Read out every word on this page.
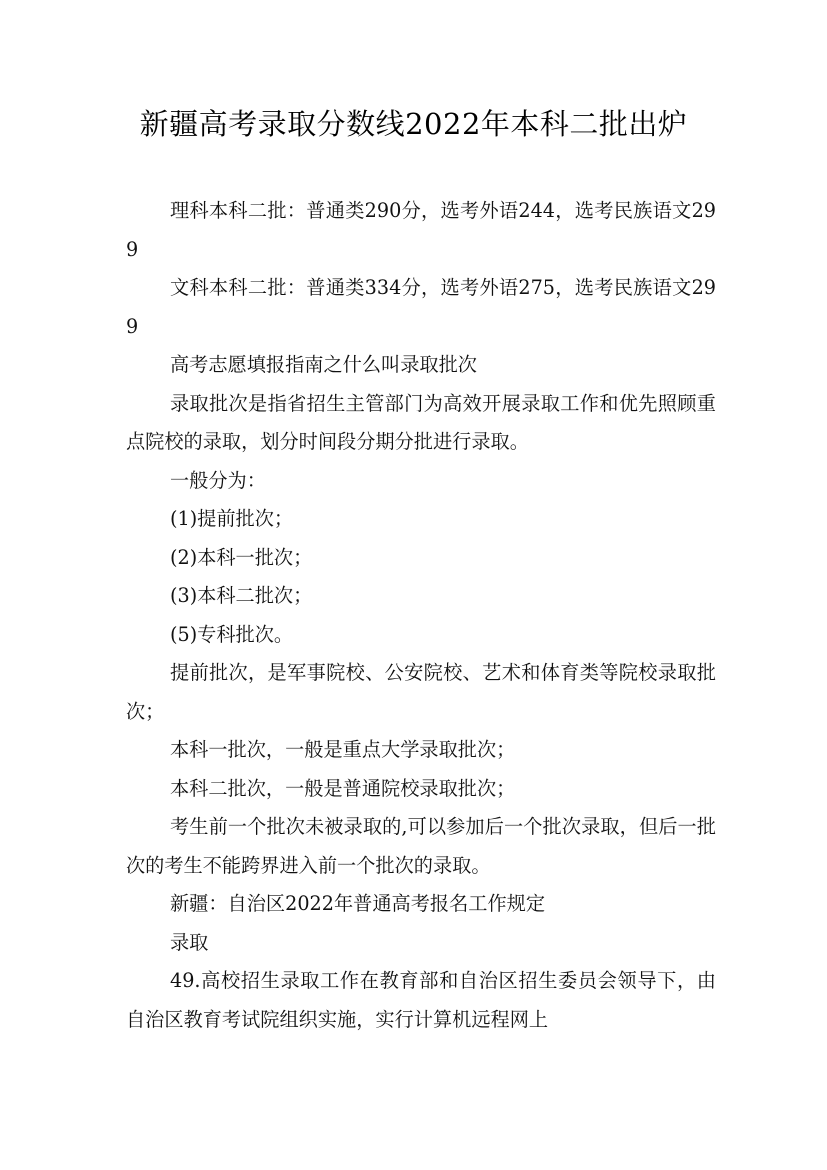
新疆高考录取分数线2022年本科二批出炉

理科本科二批：普通类290分，选考外语244，选考民族语文299

文科本科二批：普通类334分，选考外语275，选考民族语文299

高考志愿填报指南之什么叫录取批次

录取批次是指省招生主管部门为高效开展录取工作和优先照顾重点院校的录取，划分时间段分期分批进行录取。

一般分为：

(1)提前批次；

(2)本科一批次；

(3)本科二批次；

(5)专科批次。

提前批次，是军事院校、公安院校、艺术和体育类等院校录取批次；

本科一批次，一般是重点大学录取批次；

本科二批次，一般是普通院校录取批次；

考生前一个批次未被录取的,可以参加后一个批次录取，但后一批次的考生不能跨界进入前一个批次的录取。

新疆：自治区2022年普通高考报名工作规定

录取

49.高校招生录取工作在教育部和自治区招生委员会领导下，由自治区教育考试院组织实施，实行计算机远程网上
